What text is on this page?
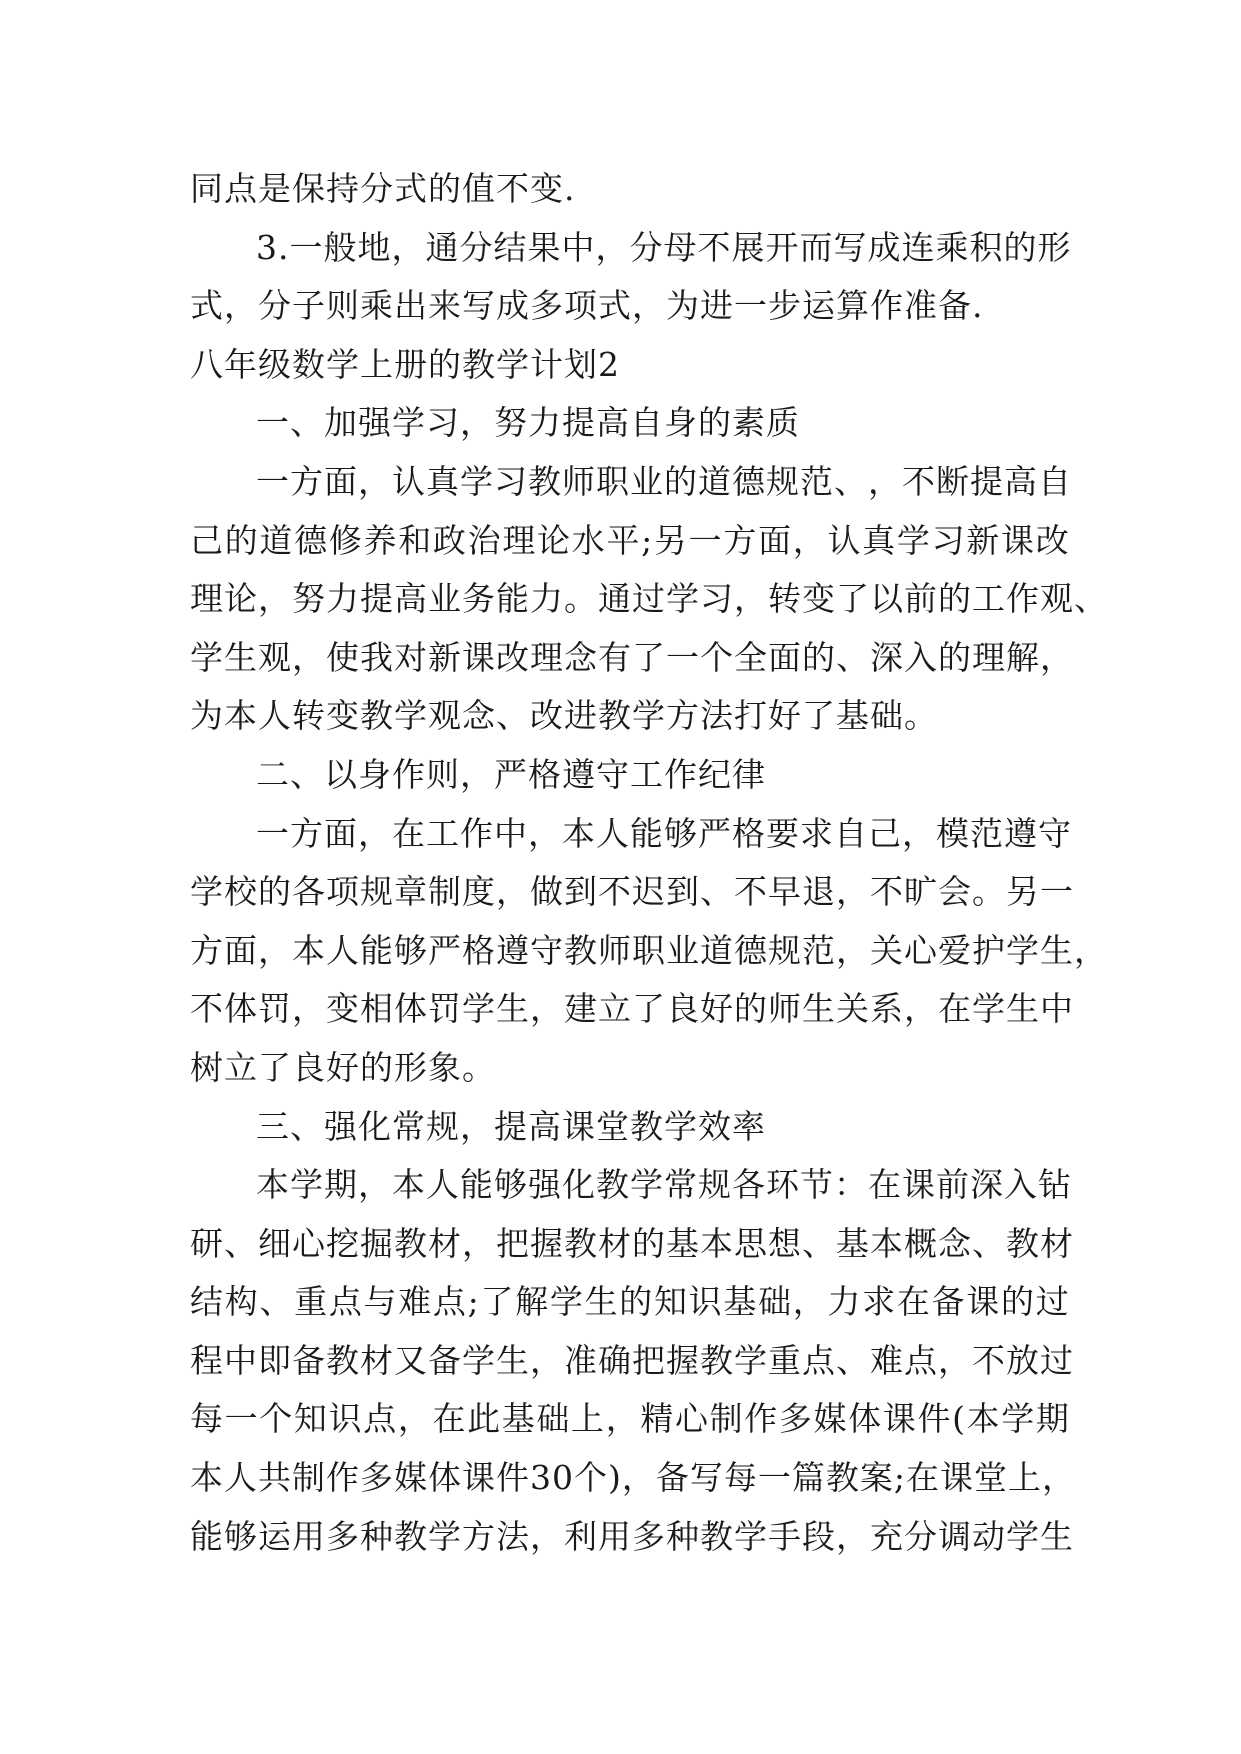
同点是保持分式的值不变.
3 . 一 般 地 ， 通 分 结 果 中 ， 分 母 不 展 开 而 写 成 连 乘 积 的 形
式，分子则乘出来写成多项式，为进一步运算作准备.
八年级数学上册的教学计划2
一、加强学习，努力提高自身的素质
一 方 面 ， 认 真 学 习 教 师 职 业 的 道 德 规 范 、 ， 不 断 提 高 自
己 的 道 德 修 养 和 政 治 理 论 水 平 ; 另 一 方 面 ， 认 真 学 习 新 课 改
理 论 ， 努 力 提 高 业 务 能 力 。 通 过 学 习 ， 转 变 了 以 前 的 工 作 观 、
学 生 观 ， 使 我 对 新 课 改 理 念 有 了 一 个 全 面 的 、 深 入 的 理 解 ，
为本人转变教学观念、改进教学方法打好了基础。
二、以身作则，严格遵守工作纪律
一 方 面 ， 在 工 作 中 ， 本 人 能 够 严 格 要 求 自 己 ， 模 范 遵 守
学 校 的 各 项 规 章 制 度 ， 做 到 不 迟 到 、 不 早 退 ， 不 旷 会 。 另 一
方 面 ， 本 人 能 够 严 格 遵 守 教 师 职 业 道 德 规 范 ， 关 心 爱 护 学 生 ，
不 体 罚 ， 变 相 体 罚 学 生 ， 建 立 了 良 好 的 师 生 关 系 ， 在 学 生 中
树立了良好的形象。
三、强化常规，提高课堂教学效率
本 学 期 ， 本 人 能 够 强 化 教 学 常 规 各 环 节 ： 在 课 前 深 入 钻
研 、 细 心 挖 掘 教 材 ， 把 握 教 材 的 基 本 思 想 、 基 本 概 念 、 教 材
结 构 、 重 点 与 难 点 ; 了 解 学 生 的 知 识 基 础 ， 力 求 在 备 课 的 过
程 中 即 备 教 材 又 备 学 生 ， 准 确 把 握 教 学 重 点 、 难 点 ， 不 放 过
每 一 个 知 识 点 ， 在 此 基 础 上 ， 精 心 制 作 多 媒 体 课 件 ( 本 学 期
本 人 共 制 作 多 媒 体 课 件 3 0 个 ) ， 备 写 每 一 篇 教 案 ; 在 课 堂 上 ，
能 够 运 用 多 种 教 学 方 法 ， 利 用 多 种 教 学 手 段 ， 充 分 调 动 学 生
